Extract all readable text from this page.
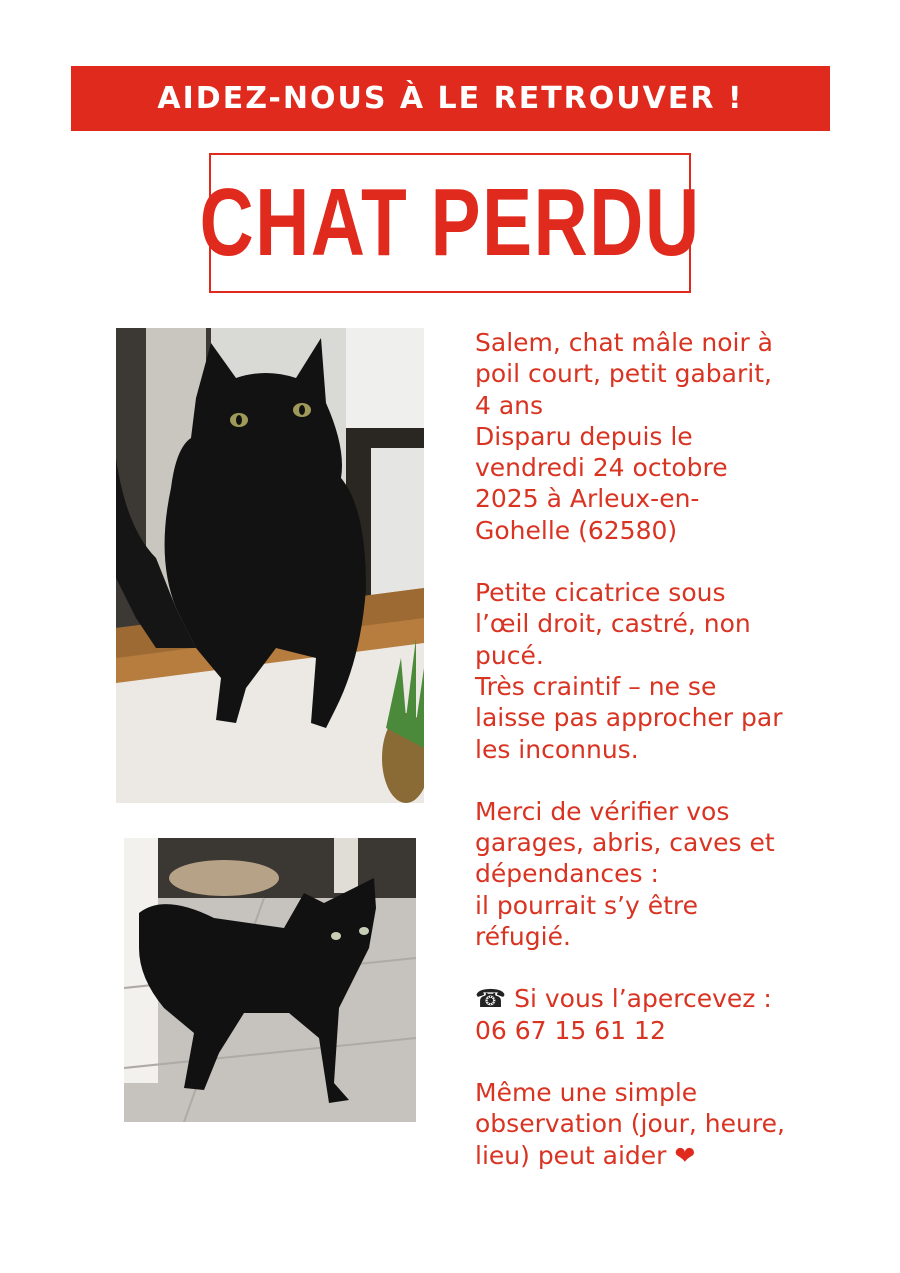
AIDEZ-NOUS À LE RETROUVER !
CHAT PERDU

Salem, chat mâle noir à
poil court, petit gabarit,
4 ans

Disparu depuis le
vendredi 24 octobre
2025 à Arleux-en-
Gohelle (62580)

Petite cicatrice sous
l’œil droit, castré, non
pucé.

Très craintif – ne se
laisse pas approcher par
les inconnus.

Merci de vérifier vos
garages, abris, caves et
dépendances :
il pourrait s’y être
réfugié.

☎ Si vous l’apercevez :

06 67 15 61 12

Même une simple
observation (jour, heure,
lieu) peut aider ❤
